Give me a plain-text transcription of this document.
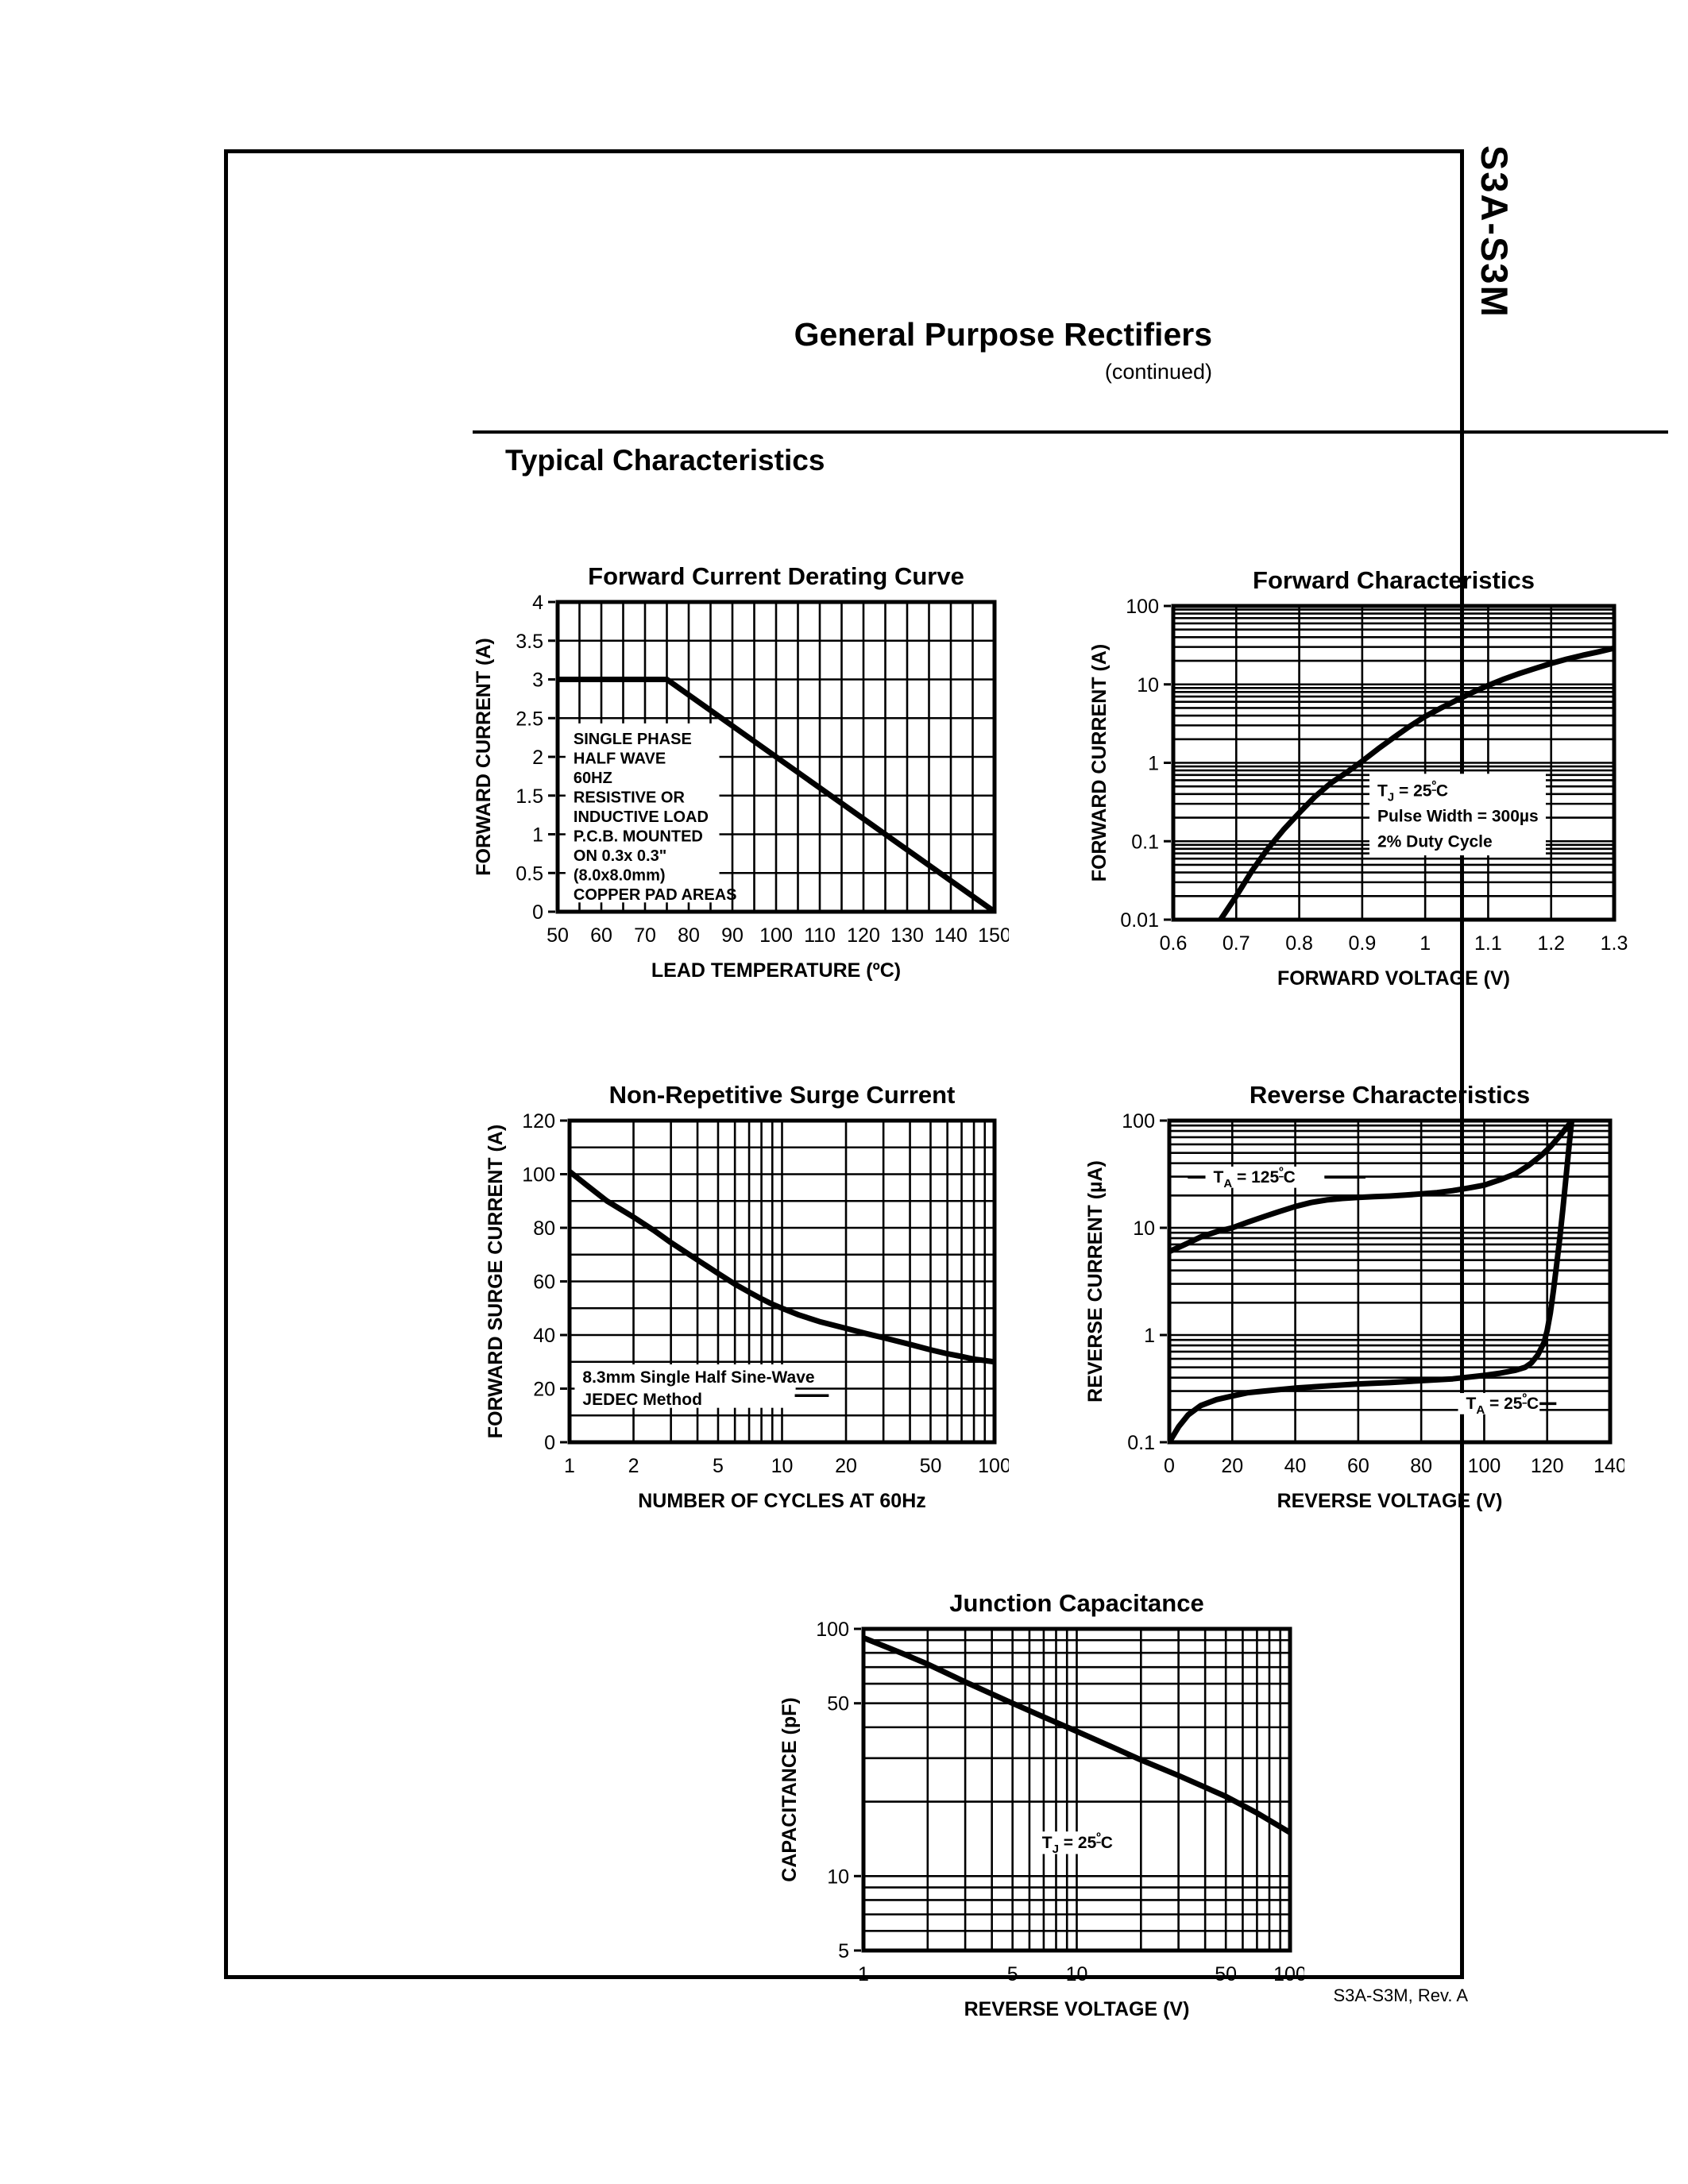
S3A-S3M
General Purpose Rectifiers
(continued)
Typical Characteristics
SINGLE PHASE
HALF WAVE
60HZ
RESISTIVE OR
INDUCTIVE LOAD
P.C.B. MOUNTED
ON 0.3x 0.3"
(8.0x8.0mm)
COPPER PAD AREAS
50 60 70 80 90 100 110 120 130 140 150
0
0.5
1
1.5
2
2.5
3
3.5
4
Forward Current Derating Curve
LEAD TEMPERATURE (ºC)
FORWARD CURRENT (A)	$T_J = 25^ºC$
Pulse Width = 300µs
2% Duty Cycle
0.6 0.7 0.8 0.9 1 1.1 1.2 1.3
0.01
0.1
1
10
100
Forward Characteristics
FORWARD VOLTAGE (V)
FORWARD CURRENT (A)
8.3mm Single Half Sine-Wave
JEDEC Method
1	2	5 10 20	50 100
0
20
40
60
80
100
120
Non-Repetitive Surge Current
NUMBER OF CYCLES AT 60Hz
FORWARD SURGE CURRENT (A)	$T_A = 125^ºC$
$T_A = 25^ºC$
0 20 40 60 80 100 120 140
0.1
1
10
100
Reverse Characteristics
REVERSE VOLTAGE (V)
REVERSE CURRENT (µA)
$T_J = 25^ºC$
1	5 10	50 100
5
10
50
100
Junction Capacitance
REVERSE VOLTAGE (V)
CAPACITANCE (pF)
S3A-S3M, Rev. A
